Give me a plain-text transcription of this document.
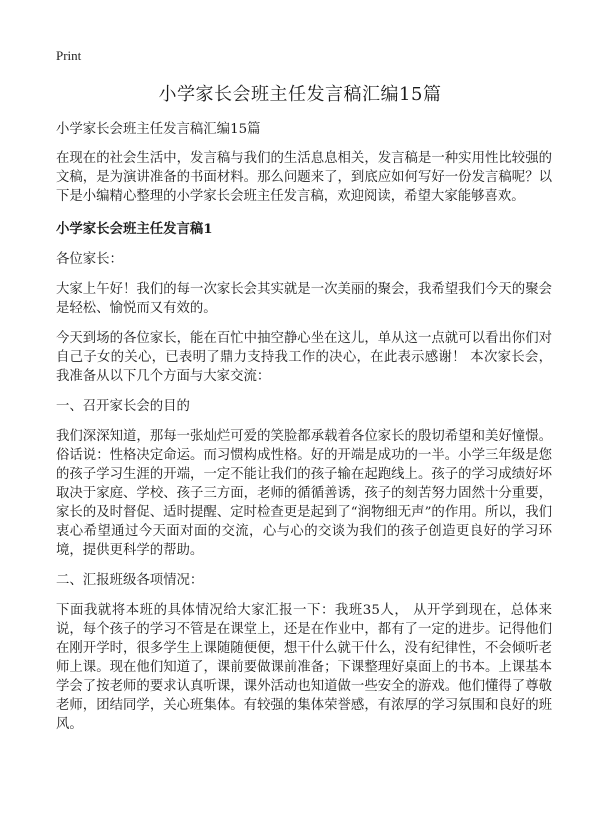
Print
小学家长会班主任发言稿汇编15篇

小学家长会班主任发言稿汇编15篇

在现在的社会生活中，发言稿与我们的生活息息相关，发言稿是一种实用性比较强的文稿，是为演讲准备的书面材料。那么问题来了，到底应如何写好一份发言稿呢？以下是小编精心整理的小学家长会班主任发言稿，欢迎阅读，希望大家能够喜欢。

小学家长会班主任发言稿1

各位家长：

大家上午好！我们的每一次家长会其实就是一次美丽的聚会，我希望我们今天的聚会是轻松、愉悦而又有效的。

今天到场的各位家长，能在百忙中抽空静心坐在这儿，单从这一点就可以看出你们对自己子女的关心，已表明了鼎力支持我工作的决心，在此表示感谢！ 本次家长会，我准备从以下几个方面与大家交流：

一、召开家长会的目的

我们深深知道，那每一张灿烂可爱的笑脸都承载着各位家长的殷切希望和美好憧憬。俗话说：性格决定命运。而习惯构成性格。好的开端是成功的一半。小学三年级是您的孩子学习生涯的开端，一定不能让我们的孩子输在起跑线上。孩子的学习成绩好坏取决于家庭、学校、孩子三方面，老师的循循善诱，孩子的刻苦努力固然十分重要，家长的及时督促、适时提醒、定时检查更是起到了“润物细无声”的作用。所以，我们衷心希望通过今天面对面的交流，心与心的交谈为我们的孩子创造更良好的学习环境，提供更科学的帮助。

二、汇报班级各项情况：

下面我就将本班的具体情况给大家汇报一下：我班35人， 从开学到现在，总体来说，每个孩子的学习不管是在课堂上，还是在作业中，都有了一定的进步。记得他们在刚开学时，很多学生上课随随便便，想干什么就干什么，没有纪律性，不会倾听老师上课。现在他们知道了，课前要做课前准备；下课整理好桌面上的书本。上课基本学会了按老师的要求认真听课，课外活动也知道做一些安全的游戏。他们懂得了尊敬老师，团结同学，关心班集体。有较强的集体荣誉感，有浓厚的学习氛围和良好的班风。
